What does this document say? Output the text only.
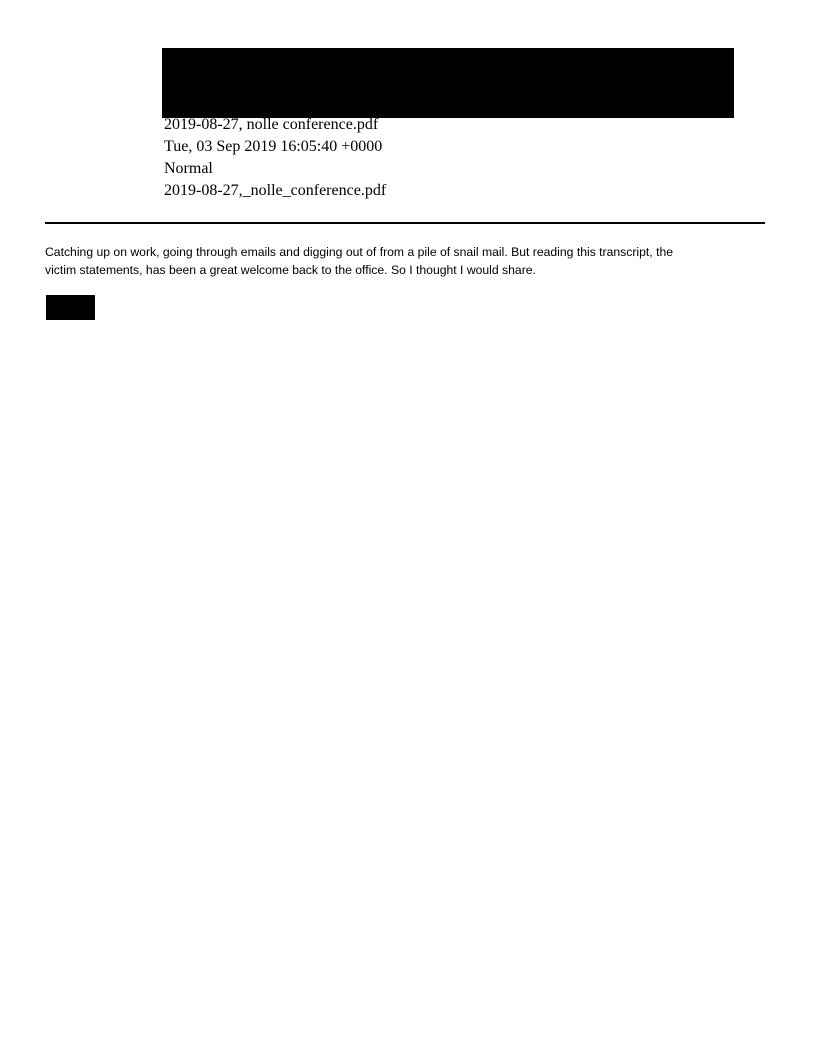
2019-08-27, nolle conference.pdf
Tue, 03 Sep 2019 16:05:40 +0000
Normal
2019-08-27,_nolle_conference.pdf
Catching up on work, going through emails and digging out of from a pile of snail mail. But reading this transcript, the
victim statements, has been a great welcome back to the office. So I thought I would share.
